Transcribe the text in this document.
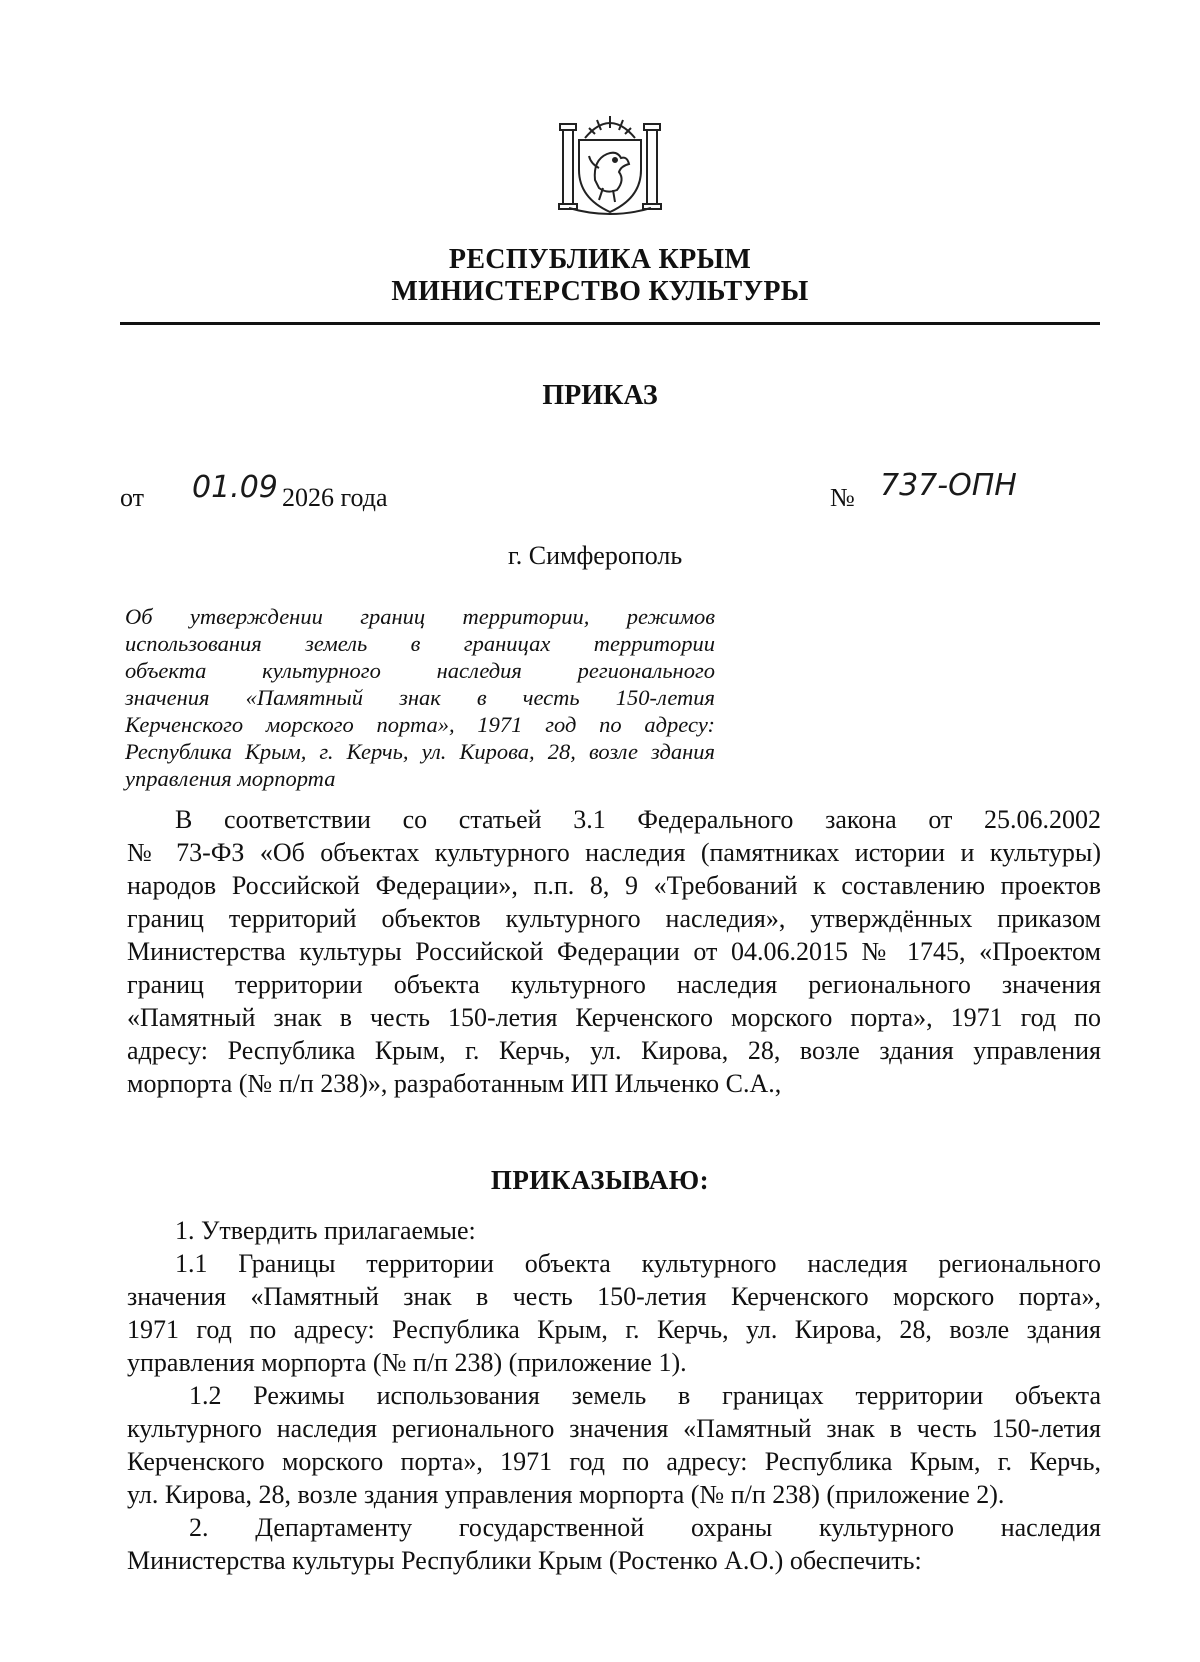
РЕСПУБЛИКА КРЫМ
МИНИСТЕРСТВО КУЛЬТУРЫ
ПРИКАЗ
от 01.09 2026 года	№ 737-ОПН
г. Симферополь
Об утверждении границ территории, режимов
использования земель в границах территории
объекта культурного наследия регионального
значения «Памятный знак в честь 150-летия
Керченского морского порта», 1971 год по адресу:
Республика Крым, г. Керчь, ул. Кирова, 28, возле здания
управления морпорта
В соответствии со статьей 3.1 Федерального закона от 25.06.2002
№ 73-ФЗ «Об объектах культурного наследия (памятниках истории и культуры)
народов Российской Федерации», п.п. 8, 9 «Требований к составлению проектов
границ территорий объектов культурного наследия», утверждённых приказом
Министерства культуры Российской Федерации от 04.06.2015 № 1745, «Проектом
границ территории объекта культурного наследия регионального значения
«Памятный знак в честь 150-летия Керченского морского порта», 1971 год по
адресу: Республика Крым, г. Керчь, ул. Кирова, 28, возле здания управления
морпорта (№ п/п 238)», разработанным ИП Ильченко С.А.,
ПРИКАЗЫВАЮ:
1. Утвердить прилагаемые:
1.1 Границы территории объекта культурного наследия регионального
значения «Памятный знак в честь 150-летия Керченского морского порта»,
1971 год по адресу: Республика Крым, г. Керчь, ул. Кирова, 28, возле здания
управления морпорта (№ п/п 238) (приложение 1).
1.2 Режимы использования земель в границах территории объекта
культурного наследия регионального значения «Памятный знак в честь 150-летия
Керченского морского порта», 1971 год по адресу: Республика Крым, г. Керчь,
ул. Кирова, 28, возле здания управления морпорта (№ п/п 238) (приложение 2).
2. Департаменту государственной охраны культурного наследия
Министерства культуры Республики Крым (Ростенко А.О.) обеспечить:
